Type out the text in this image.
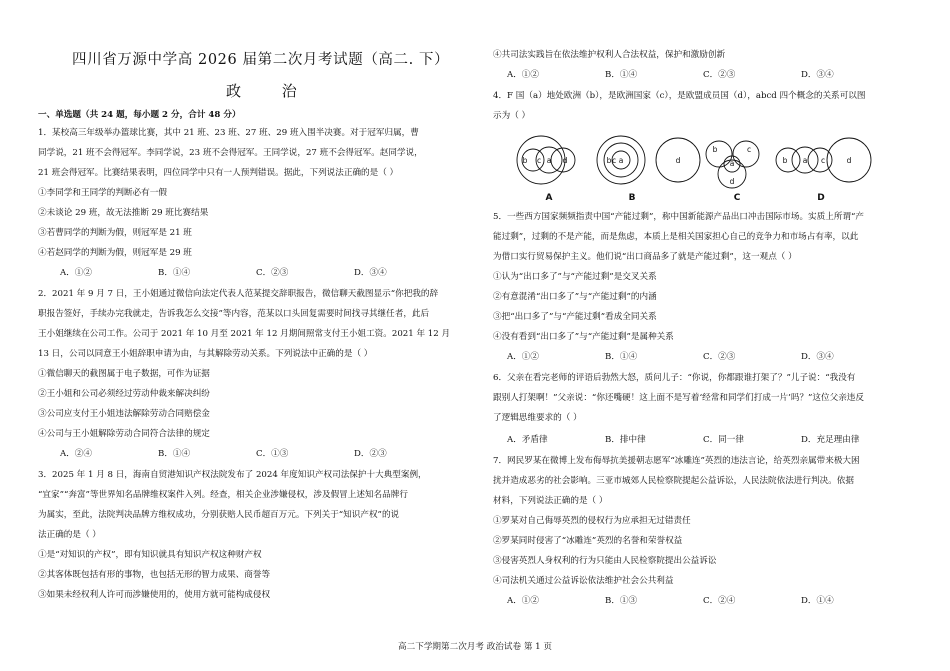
四川省万源中学高 2026 届第二次月考试题（高二. 下）
政 治
一、单选题（共 24 题，每小题 2 分，合计 48 分）
1．某校高三年级举办篮球比赛，其中 21 班、23 班、27 班、29 班入围半决赛。对于冠军归属，曹
同学说，21 班不会得冠军。李同学说，23 班不会得冠军。王同学说，27 班不会得冠军。赵同学说，
21 班会得冠军。比赛结果表明，四位同学中只有一人预判错误。据此，下列说法正确的是（ ）
①李同学和王同学的判断必有一假
②未谈论 29 班，故无法推断 29 班比赛结果
③若曹同学的判断为假，则冠军是 21 班
④若赵同学的判断为假，则冠军是 29 班
A．①②	B．①④	C．②③	D．③④
2．2021 年 9 月 7 日，王小姐通过微信向法定代表人范某提交辞职报告，微信聊天截图显示“你把我的辞
职报告签好，手续办完我就走，告诉我怎么交接”等内容，范某以口头回复需要时间找寻其继任者，此后
王小姐继续在公司工作。公司于 2021 年 10 月至 2021 年 12 月期间照常支付王小姐工资。2021 年 12 月
13 日，公司以同意王小姐辞职申请为由，与其解除劳动关系。下列说法中正确的是（ ）
①微信聊天的截图属于电子数据，可作为证据
②王小姐和公司必须经过劳动仲裁来解决纠纷
③公司应支付王小姐违法解除劳动合同赔偿金
④公司与王小姐解除劳动合同符合法律的规定
A．②④	B．①④	C．①③	D．②③
3．2025 年 1 月 8 日，海南自贸港知识产权法院发布了 2024 年度知识产权司法保护十大典型案例，
“宜家”“奔富”等世界知名品牌维权案件入列。经查，相关企业涉嫌侵权，涉及假冒上述知名品牌行
为属实，至此，法院判决品牌方维权成功，分别获赔人民币超百万元。下列关于“知识产权”的说
法正确的是（ ）
①是“对知识的产权”，即有知识就具有知识产权这种财产权
②其客体既包括有形的事物，也包括无形的智力成果、商誉等
③如果未经权利人许可而涉嫌使用的，使用方就可能构成侵权
④共司法实践旨在依法维护权利人合法权益，保护和激励创新
A．①②	B．①④	C．②③	D．③④
4．F 国（a）地处欧洲（b），是欧洲国家（c），是欧盟成员国（d），abcd 四个概念的关系可以图
示为（ ）
b c a d	b c a	d
b	c
a
d
b a c	d
A	B	C	D
5．一些西方国家频频指责中国“产能过剩”，称中国新能源产品出口冲击国际市场。实质上所谓“产
能过剩”，过剩的不是产能，而是焦虑，本质上是相关国家担心自己的竞争力和市场占有率，以此
为借口实行贸易保护主义。他们说“出口商品多了就是产能过剩”，这一观点（ ）
①认为“出口多了”与“产能过剩”是交叉关系
②有意混淆“出口多了”与“产能过剩”的内涵
③把“出口多了”与“产能过剩”看成全同关系
④没有看到“出口多了”与“产能过剩”是属种关系
A．①②	B．①④	C．②③	D．③④
6．父亲在看完老师的评语后勃然大怒，质问儿子：“你说，你都跟谁打架了？”儿子说：“我没有
跟别人打架啊！”父亲说：“你还嘴硬！这上面不是写着‘经常和同学们打成一片’吗？”这位父亲违反
了逻辑思维要求的（ ）
A．矛盾律	B．排中律	C．同一律	D．充足理由律
7．网民罗某在微博上发布侮辱抗美援朝志愿军“冰雕连”英烈的违法言论，给英烈亲属带来极大困
扰并造成恶劣的社会影响。三亚市城郊人民检察院提起公益诉讼，人民法院依法进行判决。依据
材料，下列说法正确的是（ ）
①罗某对自己侮辱英烈的侵权行为应承担无过错责任
②罗某同时侵害了“冰雕连”英烈的名誉和荣誉权益
③侵害英烈人身权利的行为只能由人民检察院提出公益诉讼
④司法机关通过公益诉讼依法维护社会公共利益
A．①②	B．①③	C．②④	D．①④
高二下学期第二次月考 政治试卷 第 1 页
